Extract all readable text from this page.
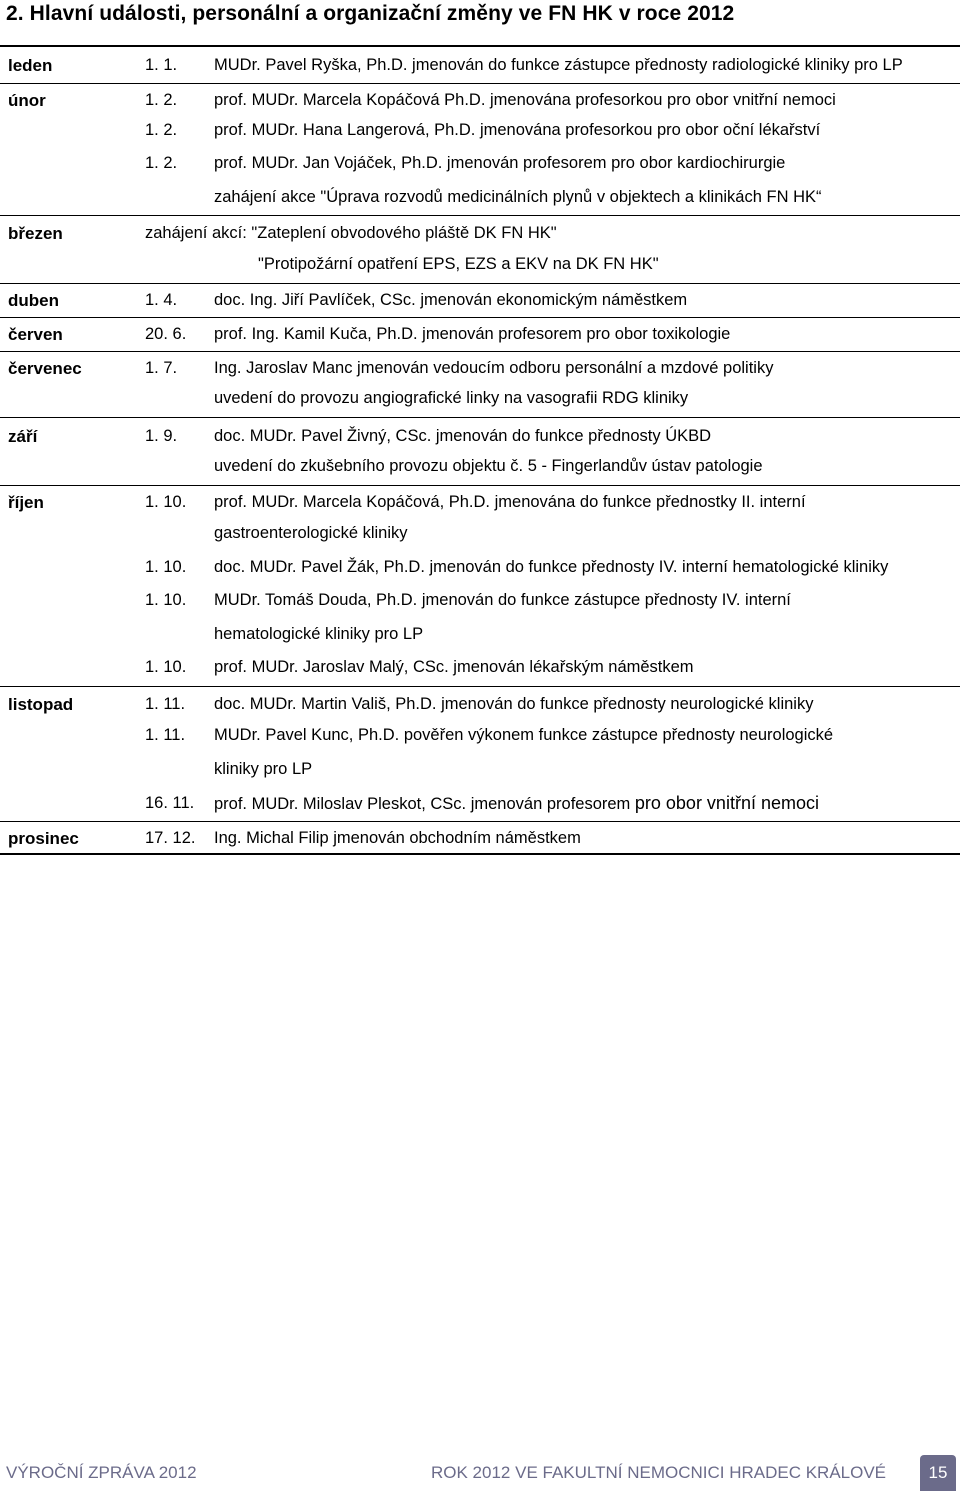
2. Hlavní události, personální a organizační změny ve FN HK v roce 2012
leden	1. 1. MUDr. Pavel Ryška, Ph.D. jmenován do funkce zástupce přednosty radiologické kliniky pro LP
únor	1. 2. prof. MUDr. Marcela Kopáčová Ph.D. jmenována profesorkou pro obor vnitřní nemoci
1. 2. prof. MUDr. Hana Langerová, Ph.D. jmenována profesorkou pro obor oční lékařství
1. 2. prof. MUDr. Jan Vojáček, Ph.D. jmenován profesorem pro obor kardiochirurgie
zahájení akce "Úprava rozvodů medicinálních plynů v objektech a klinikách FN HK“
březen	zahájení akcí: "Zateplení obvodového pláště DK FN HK"
"Protipožární opatření EPS, EZS a EKV na DK FN HK"
duben	1. 4. doc. Ing. Jiří Pavlíček, CSc. jmenován ekonomickým náměstkem
červen	20. 6. prof. Ing. Kamil Kuča, Ph.D. jmenován profesorem pro obor toxikologie
červenec	1. 7. Ing. Jaroslav Manc jmenován vedoucím odboru personální a mzdové politiky
uvedení do provozu angiografické linky na vasografii RDG kliniky
září	1. 9. doc. MUDr. Pavel Živný, CSc. jmenován do funkce přednosty ÚKBD
uvedení do zkušebního provozu objektu č. 5 - Fingerlandův ústav patologie
říjen	1. 10. prof. MUDr. Marcela Kopáčová, Ph.D. jmenována do funkce přednostky II. interní
gastroenterologické kliniky
1. 10. doc. MUDr. Pavel Žák, Ph.D. jmenován do funkce přednosty IV. interní hematologické kliniky
1. 10. MUDr. Tomáš Douda, Ph.D. jmenován do funkce zástupce přednosty IV. interní
hematologické kliniky pro LP
1. 10. prof. MUDr. Jaroslav Malý, CSc. jmenován lékařským náměstkem
listopad	1. 11. doc. MUDr. Martin Vališ, Ph.D. jmenován do funkce přednosty neurologické kliniky
1. 11. MUDr. Pavel Kunc, Ph.D. pověřen výkonem funkce zástupce přednosty neurologické
kliniky pro LP
16. 11. prof. MUDr. Miloslav Pleskot, CSc. jmenován profesorem pro obor vnitřní nemoci
prosinec	17. 12. Ing. Michal Filip jmenován obchodním náměstkem
VÝROČNÍ ZPRÁVA 2012	ROK 2012 VE FAKULTNÍ NEMOCNICI HRADEC KRÁLOVÉ	15
